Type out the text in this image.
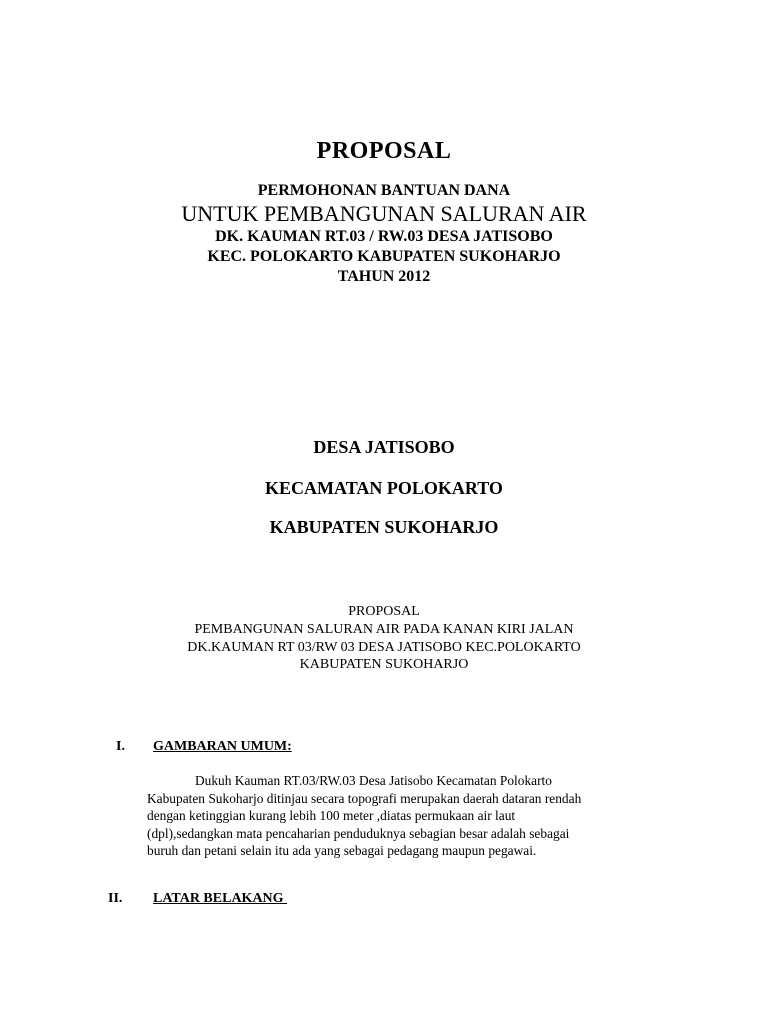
PROPOSAL
PERMOHONAN BANTUAN DANA
UNTUK PEMBANGUNAN SALURAN AIR
DK. KAUMAN RT.03 / RW.03 DESA JATISOBO
KEC. POLOKARTO KABUPATEN SUKOHARJO
TAHUN 2012
DESA JATISOBO
KECAMATAN POLOKARTO
KABUPATEN SUKOHARJO
PROPOSAL
PEMBANGUNAN SALURAN AIR PADA KANAN KIRI JALAN
DK.KAUMAN RT 03/RW 03 DESA JATISOBO KEC.POLOKARTO
KABUPATEN SUKOHARJO
I. GAMBARAN UMUM:
Dukuh Kauman RT.03/RW.03 Desa Jatisobo Kecamatan Polokarto
Kabupaten Sukoharjo ditinjau secara topografi merupakan daerah dataran rendah
dengan ketinggian kurang lebih 100 meter ,diatas permukaan air laut
(dpl),sedangkan mata pencaharian penduduknya sebagian besar adalah sebagai
buruh dan petani selain itu ada yang sebagai pedagang maupun pegawai.
II. LATAR BELAKANG
